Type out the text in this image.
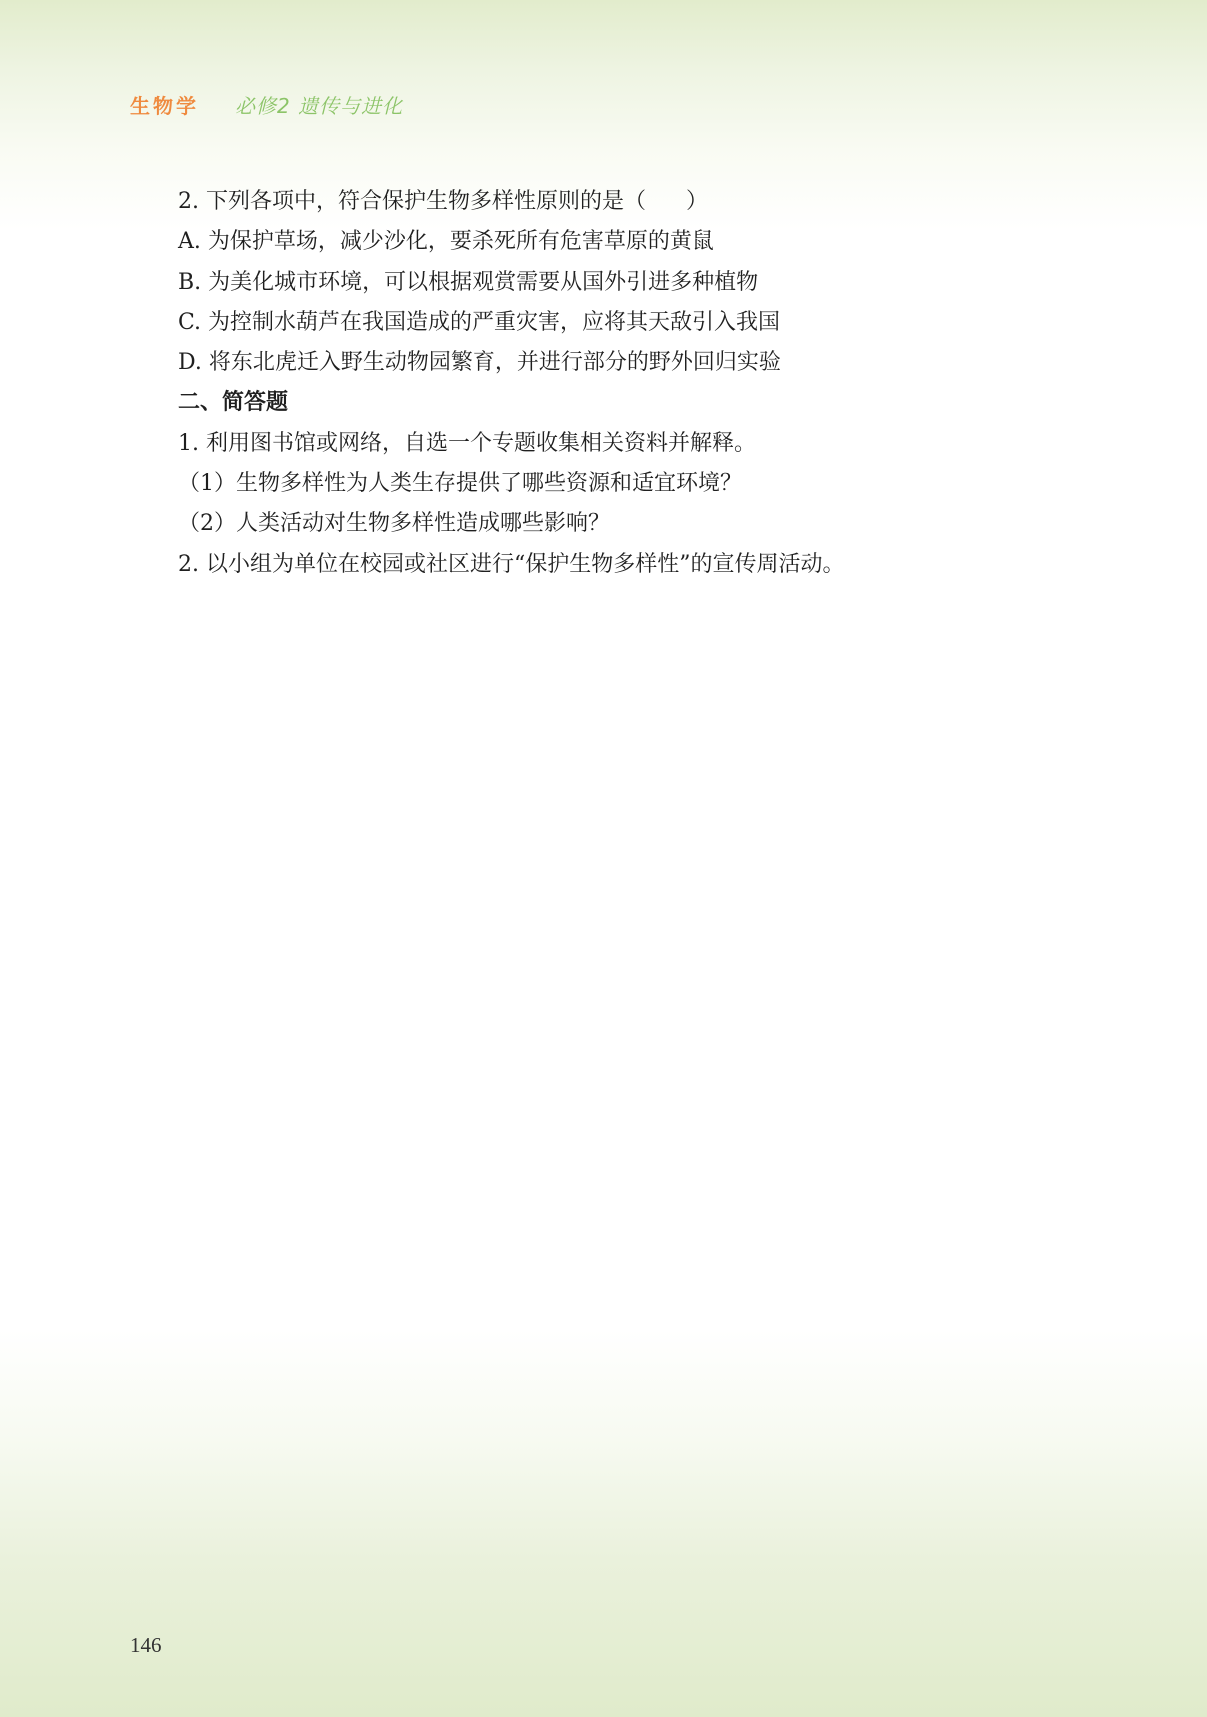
生物学 必修2 遗传与进化
2. 下列各项中，符合保护生物多样性原则的是（ ）
A. 为保护草场，减少沙化，要杀死所有危害草原的黄鼠
B. 为美化城市环境，可以根据观赏需要从国外引进多种植物
C. 为控制水葫芦在我国造成的严重灾害，应将其天敌引入我国
D. 将东北虎迁入野生动物园繁育，并进行部分的野外回归实验
二、简答题
1. 利用图书馆或网络，自选一个专题收集相关资料并解释。
（1）生物多样性为人类生存提供了哪些资源和适宜环境？
（2）人类活动对生物多样性造成哪些影响？
2. 以小组为单位在校园或社区进行“保护生物多样性”的宣传周活动。
146
